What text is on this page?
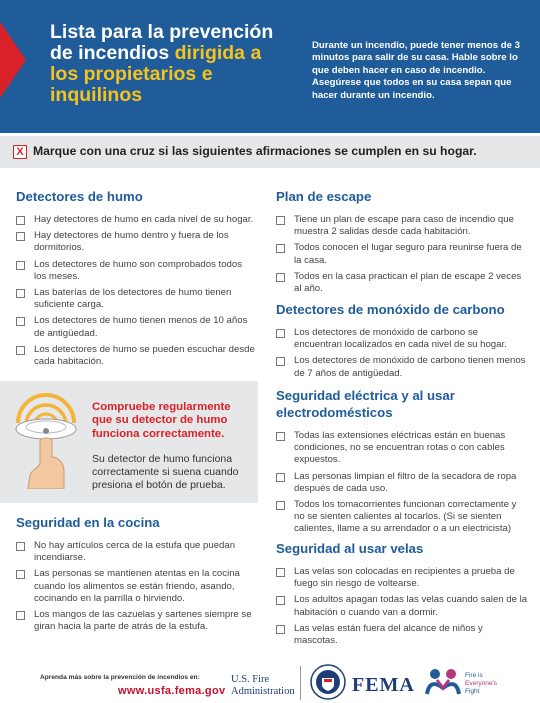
Lista para la prevención de incendios dirigida a los propietarios e inquilinos
Durante un incendio, puede tener menos de 3 minutos para salir de su casa. Hable sobre lo que deben hacer en caso de incendio. Asegúrese que todos en su casa sepan que hacer durante un incendio.
X Marque con una cruz si las siguientes afirmaciones se cumplen en su hogar.
Detectores de humo
Hay detectores de humo en cada nivel de su hogar.
Hay detectores de humo dentro y fuera de los dormitorios.
Los detectores de humo son comprobados todos los meses.
Las baterías de los detectores de humo tienen suficiente carga.
Los detectores de humo tienen menos de 10 años de antigüedad.
Los detectores de humo se pueden escuchar desde cada habitación.
Compruebe regularmente que su detector de humo funciona correctamente.
Su detector de humo funciona correctamente si suena cuando presiona el botón de prueba.
Seguridad en la cocina
No hay artículos cerca de la estufa que puedan incendiarse.
Las personas se mantienen atentas en la cocina cuando los alimentos se están friendo, asando, cocinando en la parrilla o hirviendo.
Los mangos de las cazuelas y sartenes siempre se giran hacia la parte de atrás de la estufa.
Plan de escape
Tiene un plan de escape para caso de incendio que muestra 2 salidas desde cada habitación.
Todos conocen el lugar seguro para reunirse fuera de la casa.
Todos en la casa practican el plan de escape 2 veces al año.
Detectores de monóxido de carbono
Los detectores de monóxido de carbono se encuentran localizados en cada nivel de su hogar.
Los detectores de monóxido de carbono tienen menos de 7 años de antigüedad.
Seguridad eléctrica y al usar electrodomésticos
Todas las extensiones eléctricas están en buenas condiciones, no se encuentran rotas o con cables expuestos.
Las personas limpian el filtro de la secadora de ropa después de cada uso.
Todos los tomacorrientes funcionan correctamente y no se sienten calientes al tocarlos. (Si se sienten calientes, llame a su arrendador o a un electricista)
Seguridad al usar velas
Las velas son colocadas en recipientes a prueba de fuego sin riesgo de voltearse.
Los adultos apagan todas las velas cuando salen de la habitación o cuando van a dormir.
Las velas están fuera del alcance de niños y mascotas.
Aprenda más sobre la prevención de incendios en:
www.usfa.fema.gov
U.S. Fire
Administration	FEMA	Fire is
Everyone's
Fight
